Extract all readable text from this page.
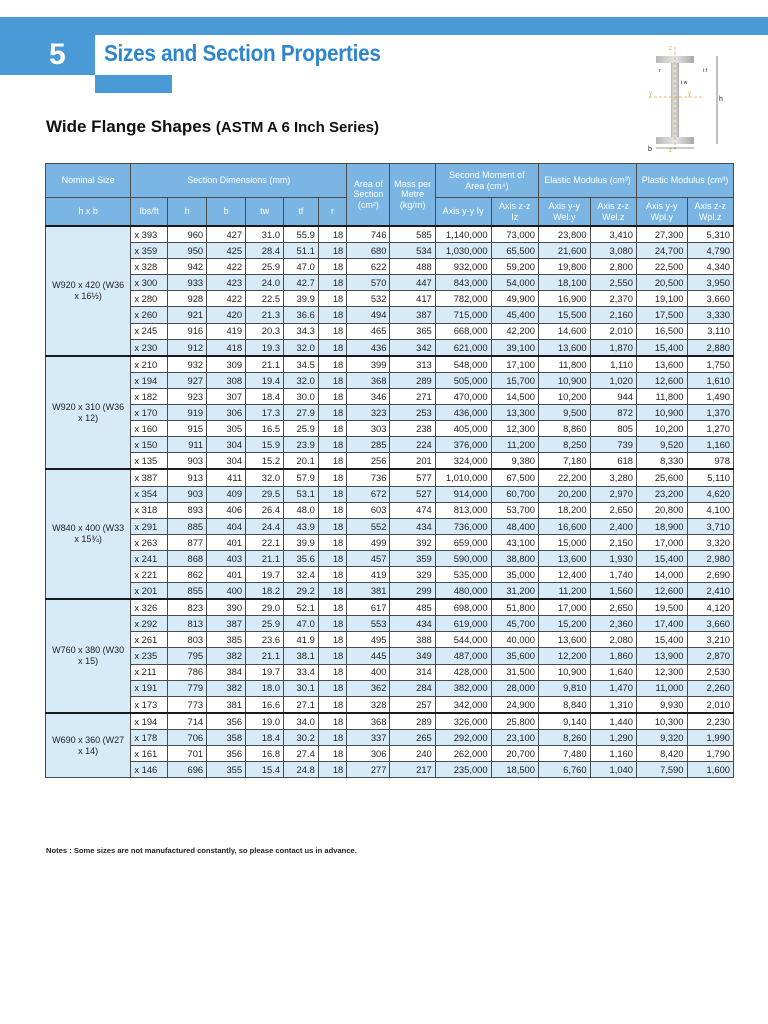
5	Sizes and Section Properties
Wide Flange Shapes (ASTM A 6 Inch Series)
z
y	y
z
h
b
t w
t f
r
Nominal Size	Section Dimensions (mm)						Area of Section (cm²)	Mass per Metre (kg/m)	Second Moment of Area (cm⁴)		Elastic Modulus (cm³)		Plastic Modulus (cm³)	
h x b	lbs/ft	h	b	tw	tf	r			Axis y-y Iy	Axis z-z Iz	Axis y-y Wel.y	Axis z-z Wel.z	Axis y-y Wpl.y	Axis z-z Wpl.z
W920 x 420 (W36 x 16½)	x 393	960	427	31.0	55.9	18	746	585	1,140,000	73,000	23,800	3,410	27,300	5,310
	x 359	950	425	28.4	51.1	18	680	534	1,030,000	65,500	21,600	3,080	24,700	4,790
	x 328	942	422	25.9	47.0	18	622	488	932,000	59,200	19,800	2,800	22,500	4,340
	x 300	933	423	24.0	42.7	18	570	447	843,000	54,000	18,100	2,550	20,500	3,950
	x 280	928	422	22.5	39.9	18	532	417	782,000	49,900	16,900	2,370	19,100	3,660
	x 260	921	420	21.3	36.6	18	494	387	715,000	45,400	15,500	2,160	17,500	3,330
	x 245	916	419	20.3	34.3	18	465	365	668,000	42,200	14,600	2,010	16,500	3,110
	x 230	912	418	19.3	32.0	18	436	342	621,000	39,100	13,600	1,870	15,400	2,880
W920 x 310 (W36 x 12)	x 210	932	309	21.1	34.5	18	399	313	548,000	17,100	11,800	1,110	13,600	1,750
	x 194	927	308	19.4	32.0	18	368	289	505,000	15,700	10,900	1,020	12,600	1,610
	x 182	923	307	18.4	30.0	18	346	271	470,000	14,500	10,200	944	11,800	1,490
	x 170	919	306	17.3	27.9	18	323	253	436,000	13,300	9,500	872	10,900	1,370
	x 160	915	305	16.5	25.9	18	303	238	405,000	12,300	8,860	805	10,200	1,270
	x 150	911	304	15.9	23.9	18	285	224	376,000	11,200	8,250	739	9,520	1,160
	x 135	903	304	15.2	20.1	18	256	201	324,000	9,380	7,180	618	8,330	978
W840 x 400 (W33 x 15¾)	x 387	913	411	32.0	57.9	18	736	577	1,010,000	67,500	22,200	3,280	25,600	5,110
	x 354	903	409	29.5	53.1	18	672	527	914,000	60,700	20,200	2,970	23,200	4,620
	x 318	893	406	26.4	48.0	18	603	474	813,000	53,700	18,200	2,650	20,800	4,100
	x 291	885	404	24.4	43.9	18	552	434	736,000	48,400	16,600	2,400	18,900	3,710
	x 263	877	401	22.1	39.9	18	499	392	659,000	43,100	15,000	2,150	17,000	3,320
	x 241	868	403	21.1	35.6	18	457	359	590,000	38,800	13,600	1,930	15,400	2,980
	x 221	862	401	19.7	32.4	18	419	329	535,000	35,000	12,400	1,740	14,000	2,690
	x 201	855	400	18.2	29.2	18	381	299	480,000	31,200	11,200	1,560	12,600	2,410
W760 x 380 (W30 x 15)	x 326	823	390	29.0	52.1	18	617	485	698,000	51,800	17,000	2,650	19,500	4,120
	x 292	813	387	25.9	47.0	18	553	434	619,000	45,700	15,200	2,360	17,400	3,660
	x 261	803	385	23.6	41.9	18	495	388	544,000	40,000	13,600	2,080	15,400	3,210
	x 235	795	382	21.1	38.1	18	445	349	487,000	35,600	12,200	1,860	13,900	2,870
	x 211	786	384	19.7	33.4	18	400	314	428,000	31,500	10,900	1,640	12,300	2,530
	x 191	779	382	18.0	30.1	18	362	284	382,000	28,000	9,810	1,470	11,000	2,260
	x 173	773	381	16.6	27.1	18	328	257	342,000	24,900	8,840	1,310	9,930	2,010
W690 x 360 (W27 x 14)	x 194	714	356	19.0	34.0	18	368	289	326,000	25,800	9,140	1,440	10,300	2,230
	x 178	706	358	18.4	30.2	18	337	265	292,000	23,100	8,260	1,290	9,320	1,990
	x 161	701	356	16.8	27.4	18	306	240	262,000	20,700	7,480	1,160	8,420	1,790
	x 146	696	355	15.4	24.8	18	277	217	235,000	18,500	6,760	1,040	7,590	1,600
Notes : Some sizes are not manufactured constantly, so please contact us in advance.
